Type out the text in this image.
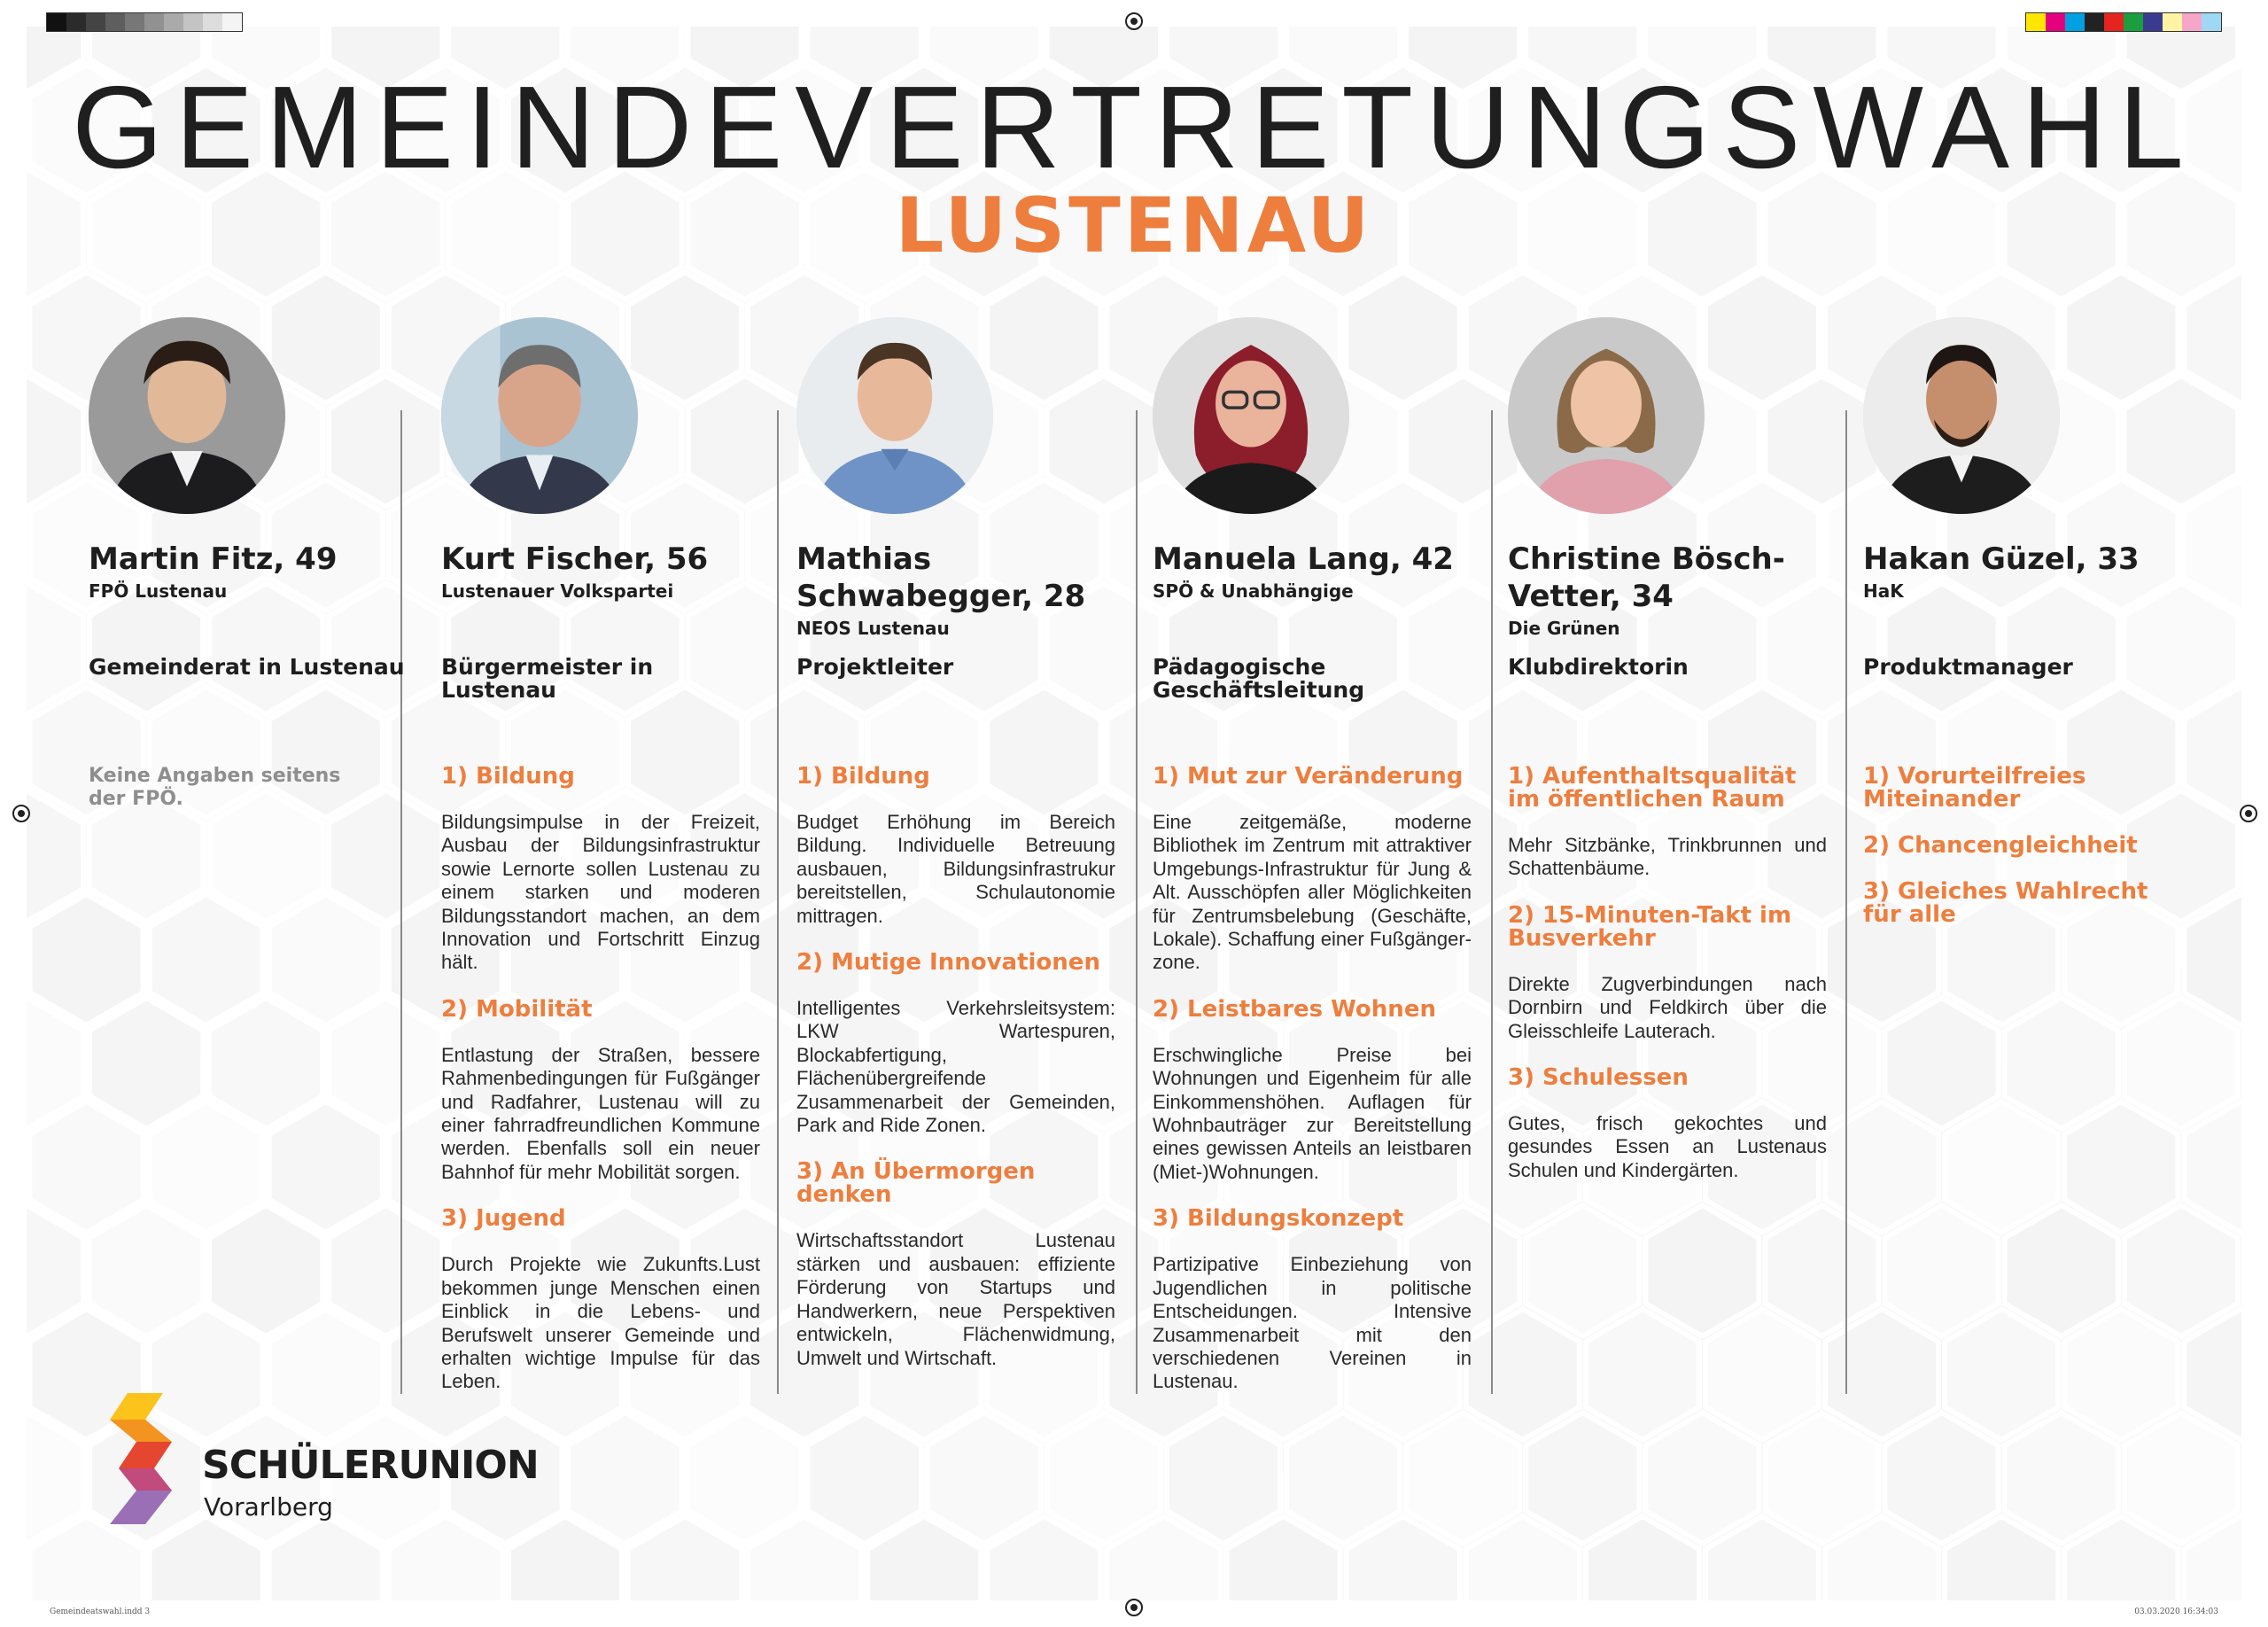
Gemeindeatswahl.indd 3	03.03.2020 16:34:03
GEMEINDEVERTRETUNGSWAHL
LUSTENAU
Martin Fitz, 49
FPÖ Lustenau
Gemeinderat in Lustenau
Keine Angaben seitens der FPÖ.
Kurt Fischer, 56
Lustenauer Volkspartei
Bürgermeister in Lustenau
1) Bildung
Bildungsimpulse in der Freizeit, Ausbau der Bildungsinfrastruktur sowie Lernorte sollen Lustenau zu einem starken und moderen Bildungsstandort machen, an dem Innovation und Fortschritt Einzug hält.
2) Mobilität
Entlastung der Straßen, bessere Rahmenbedingungen für Fußgänger und Radfahrer, Lustenau will zu einer fahrradfreundlichen Kommune werden. Ebenfalls soll ein neuer Bahnhof für mehr Mobilität sorgen.
3) Jugend
Durch Projekte wie Zukunfts.Lust bekommen junge Menschen einen Einblick in die Lebens- und Berufswelt unserer Gemeinde und erhalten wichtige Impulse für das Leben.
Mathias Schwabegger, 28
NEOS Lustenau
Projektleiter
1) Bildung
Budget Erhöhung im Bereich Bildung. Individuelle Betreuung ausbauen, Bildungsinfrastrukur bereitstellen, Schulautonomie mittragen.
2) Mutige Innovationen
Intelligentes Verkehrsleitsystem: LKW Wartespuren, Blockabfertigung, Flächenübergreifende Zusammenarbeit der Gemeinden, Park and Ride Zonen.
3) An Übermorgen denken
Wirtschaftsstandort Lustenau stärken und ausbauen: effiziente Förderung von Startups und Handwerkern, neue Perspektiven entwickeln, Flächenwidmung, Umwelt und Wirtschaft.
Manuela Lang, 42
SPÖ & Unabhängige
Pädagogische Geschäftsleitung
1) Mut zur Veränderung
Eine zeitgemäße, moderne Bibliothek im Zentrum mit attraktiver Umgebungs-Infrastruktur für Jung & Alt. Ausschöpfen aller Möglichkeiten für Zentrumsbelebung (Geschäfte, Lokale). Schaffung einer Fußgänger-zone.
2) Leistbares Wohnen
Erschwingliche Preise bei Wohnungen und Eigenheim für alle Einkommenshöhen. Auflagen für Wohnbauträger zur Bereitstellung eines gewissen Anteils an leistbaren (Miet-)Wohnungen.
3) Bildungskonzept
Partizipative Einbeziehung von Jugendlichen in politische Entscheidungen. Intensive Zusammenarbeit mit den verschiedenen Vereinen in Lustenau.
Christine Bösch-Vetter, 34
Die Grünen
Klubdirektorin
1) Aufenthaltsqualität im öffentlichen Raum
Mehr Sitzbänke, Trinkbrunnen und Schattenbäume.
2) 15-Minuten-Takt im Busverkehr
Direkte Zugverbindungen nach Dornbirn und Feldkirch über die Gleisschleife Lauterach.
3) Schulessen
Gutes, frisch gekochtes und gesundes Essen an Lustenaus Schulen und Kindergärten.
Hakan Güzel, 33
HaK
Produktmanager
1) Vorurteilfreies Miteinander
2) Chancengleichheit
3) Gleiches Wahlrecht für alle
SCHÜLERUNION
Vorarlberg
